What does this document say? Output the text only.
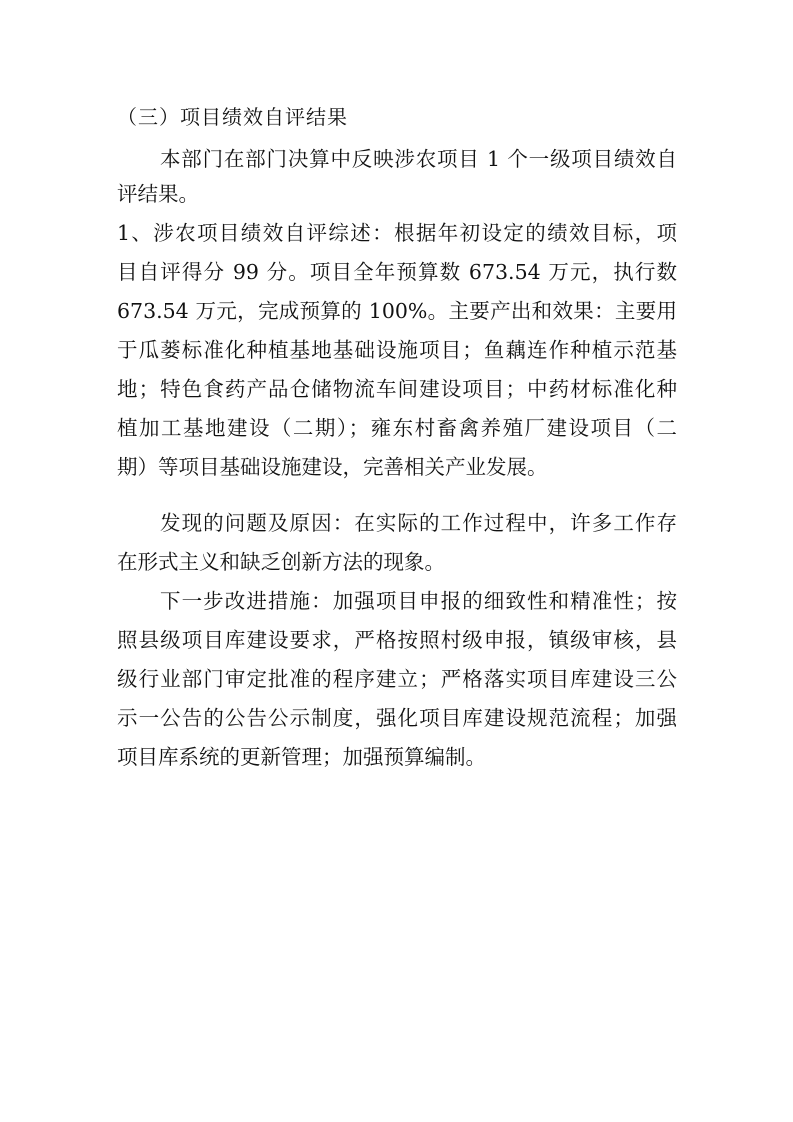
（三）项目绩效自评结果
本部门在部门决算中反映涉农项目 1 个一级项目绩效自
评结果。
1、涉农项目绩效自评综述：根据年初设定的绩效目标，项
目自评得分 99 分。项目全年预算数 673.54 万元，执行数
673.54 万元，完成预算的 100%。主要产出和效果：主要用
于瓜蒌标准化种植基地基础设施项目；鱼藕连作种植示范基
地；特色食药产品仓储物流车间建设项目；中药材标准化种
植加工基地建设（二期）；雍东村畜禽养殖厂建设项目（二
期）等项目基础设施建设，完善相关产业发展。
发现的问题及原因：在实际的工作过程中，许多工作存
在形式主义和缺乏创新方法的现象。
下一步改进措施：加强项目申报的细致性和精准性；按
照县级项目库建设要求，严格按照村级申报，镇级审核，县
级行业部门审定批准的程序建立；严格落实项目库建设三公
示一公告的公告公示制度，强化项目库建设规范流程；加强
项目库系统的更新管理；加强预算编制。
